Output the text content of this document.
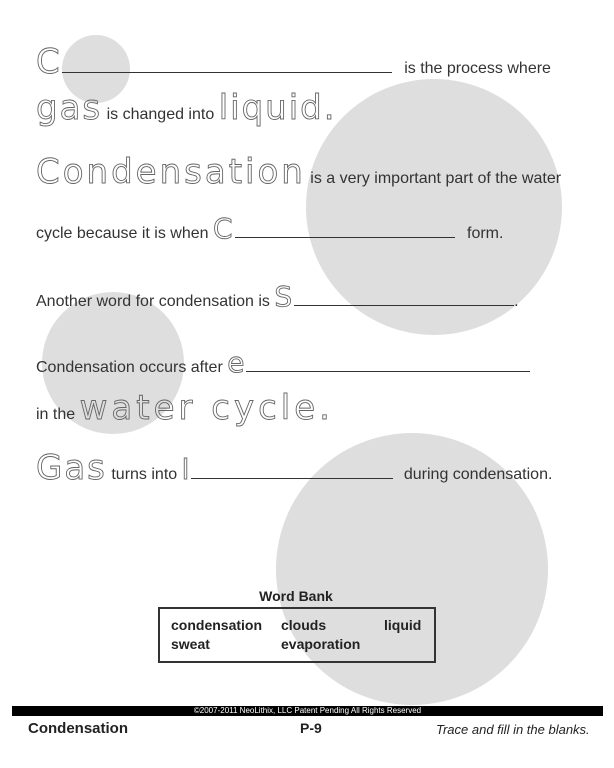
C	is the process where
gas is changed into liquid.
Condensation is a very important part of the water
cycle because it is when C	form.
Another word for condensation is S	.
Condensation occurs after e
in the water cycle.
Gas turns into l	during condensation.
Word Bank
condensation clouds	liquid
sweat	evaporation
©2007-2011 NeoLithix, LLC Patent Pending All Rights Reserved
Condensation	P-9	Trace and fill in the blanks.
